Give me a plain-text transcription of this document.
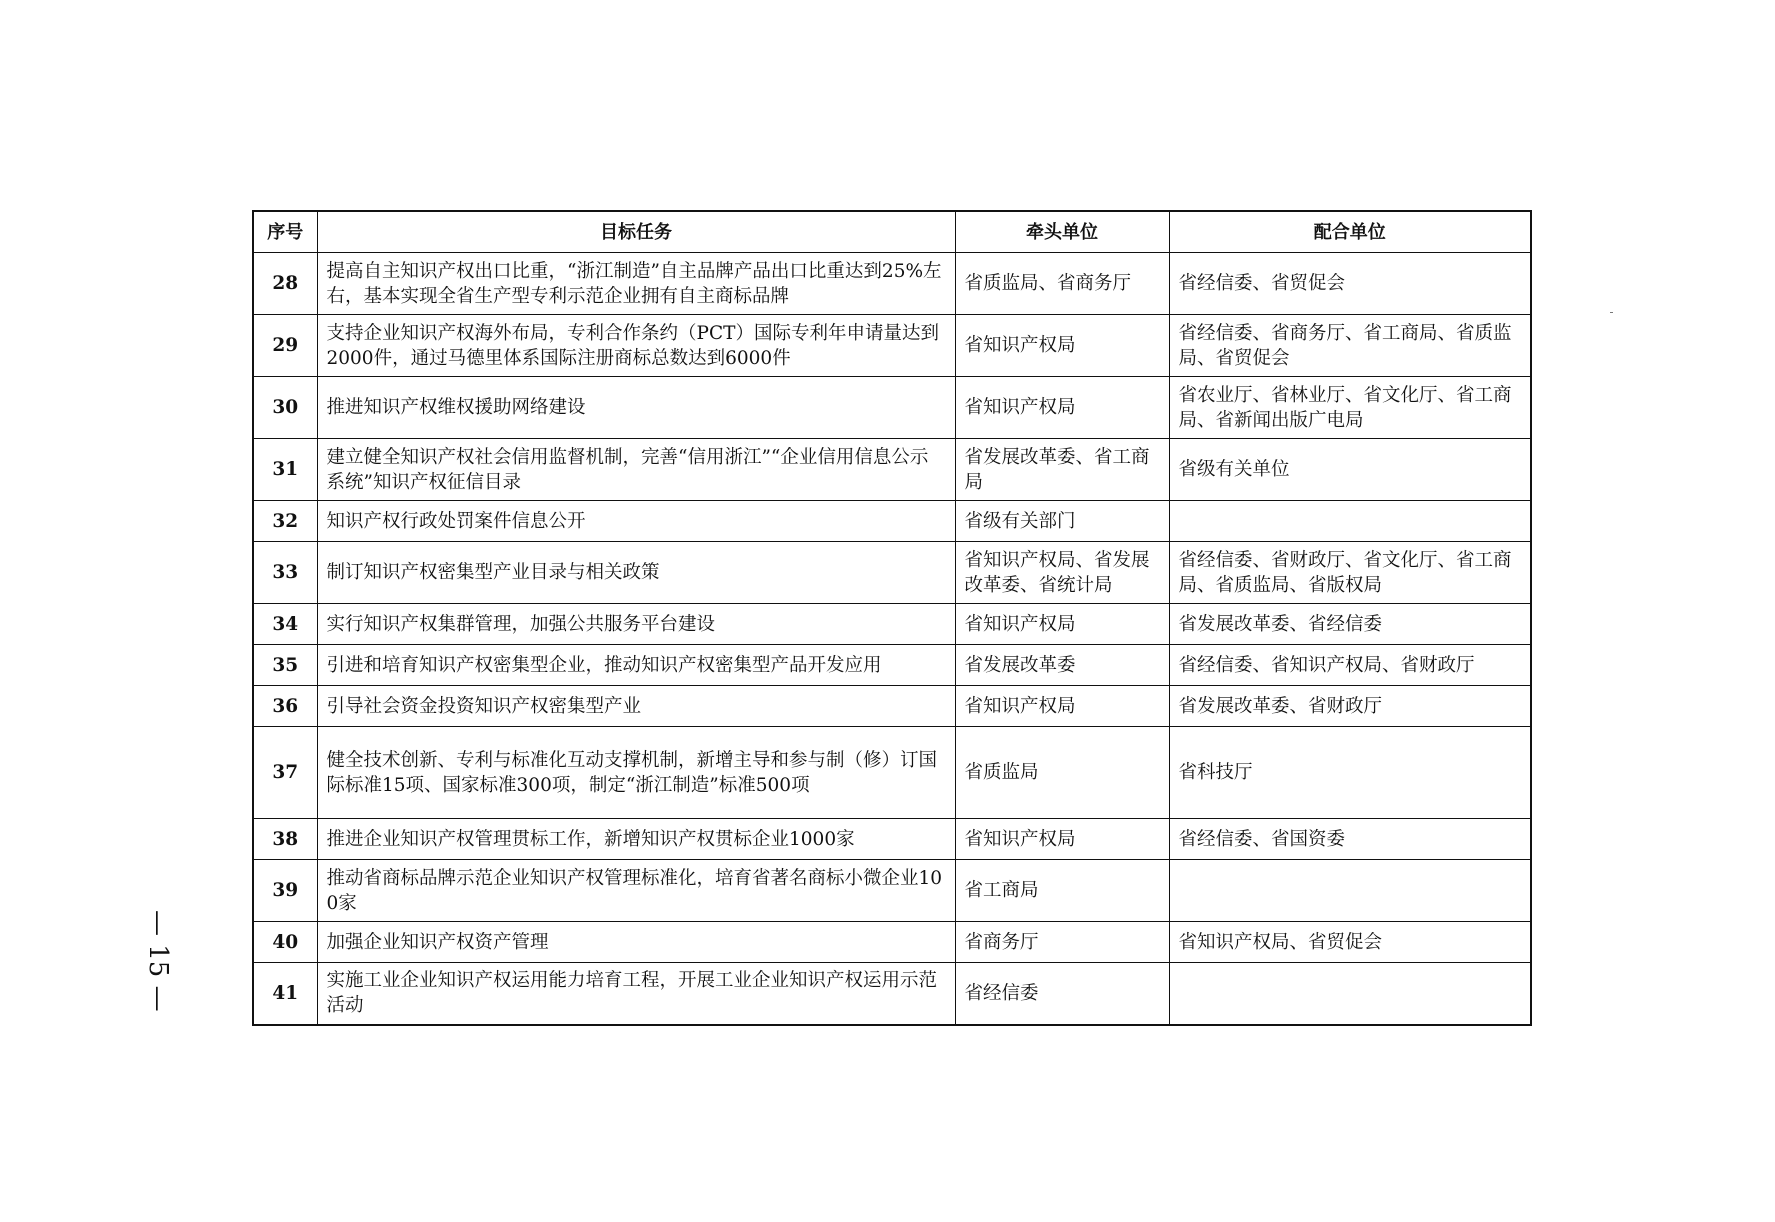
序号	目标任务	牵头单位	配合单位
28	提高自主知识产权出口比重，“浙江制造”自主品牌产品出口比重达到25%左右，基本实现全省生产型专利示范企业拥有自主商标品牌	省质监局、省商务厅	省经信委、省贸促会
29	支持企业知识产权海外布局，专利合作条约（PCT）国际专利年申请量达到2000件，通过马德里体系国际注册商标总数达到6000件	省知识产权局	省经信委、省商务厅、省工商局、省质监局、省贸促会
30	推进知识产权维权援助网络建设	省知识产权局	省农业厅、省林业厅、省文化厅、省工商局、省新闻出版广电局
31	建立健全知识产权社会信用监督机制，完善“信用浙江”“企业信用信息公示系统”知识产权征信目录	省发展改革委、省工商局	省级有关单位
32	知识产权行政处罚案件信息公开	省级有关部门	
33	制订知识产权密集型产业目录与相关政策	省知识产权局、省发展改革委、省统计局	省经信委、省财政厅、省文化厅、省工商局、省质监局、省版权局
34	实行知识产权集群管理，加强公共服务平台建设	省知识产权局	省发展改革委、省经信委
35	引进和培育知识产权密集型企业，推动知识产权密集型产品开发应用	省发展改革委	省经信委、省知识产权局、省财政厅
36	引导社会资金投资知识产权密集型产业	省知识产权局	省发展改革委、省财政厅
37	健全技术创新、专利与标准化互动支撑机制，新增主导和参与制（修）订国际标准15项、国家标准300项，制定“浙江制造”标准500项	省质监局	省科技厅
38	推进企业知识产权管理贯标工作，新增知识产权贯标企业1000家	省知识产权局	省经信委、省国资委
39	推动省商标品牌示范企业知识产权管理标准化，培育省著名商标小微企业100家	省工商局	
40	加强企业知识产权资产管理	省商务厅	省知识产权局、省贸促会
41	实施工业企业知识产权运用能力培育工程，开展工业企业知识产权运用示范活动	省经信委	
— 15 —
